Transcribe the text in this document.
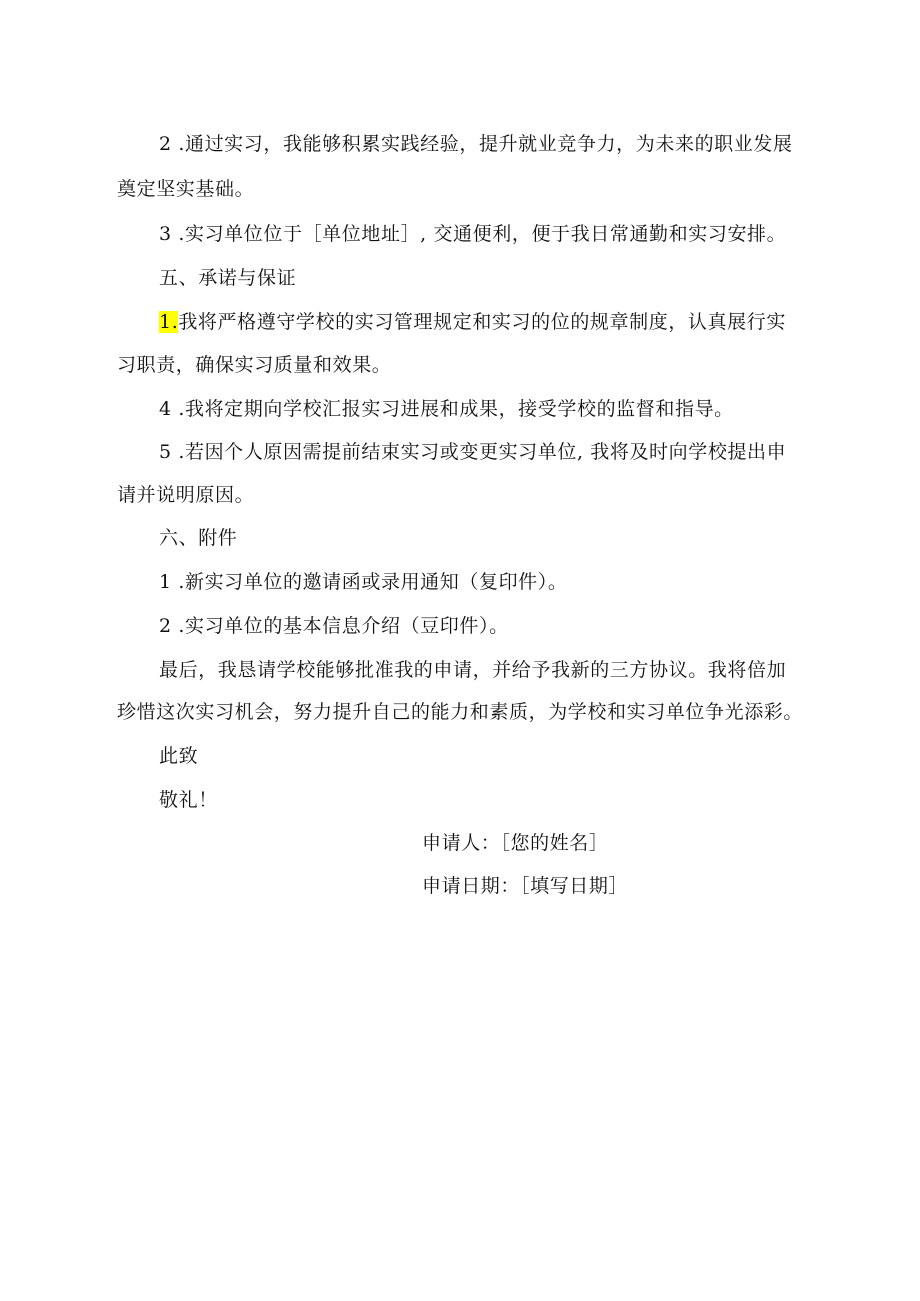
2 .通过实习，我能够积累实践经验，提升就业竞争力，为未来的职业发展
奠定坚实基础。
3 .实习单位位于［单位地址］, 交通便利，便于我日常通勤和实习安排。
五、承诺与保证
1.我将严格遵守学校的实习管理规定和实习的位的规章制度，认真展行实
习职责，确保实习质量和效果。
4 .我将定期向学校汇报实习进展和成果，接受学校的监督和指导。
5 .若因个人原因需提前结束实习或变更实习单位, 我将及时向学校提出申
请并说明原因。
六、附件
1 .新实习单位的邀请函或录用通知（复印件）。
2 .实习单位的基本信息介绍（豆印件）。
最后，我恳请学校能够批准我的申请，并给予我新的三方协议。我将倍加
珍惜这次实习机会，努力提升自己的能力和素质，为学校和实习单位争光添彩。
此致
敬礼！
申请人：［您的姓名］
申请日期：［填写日期］
